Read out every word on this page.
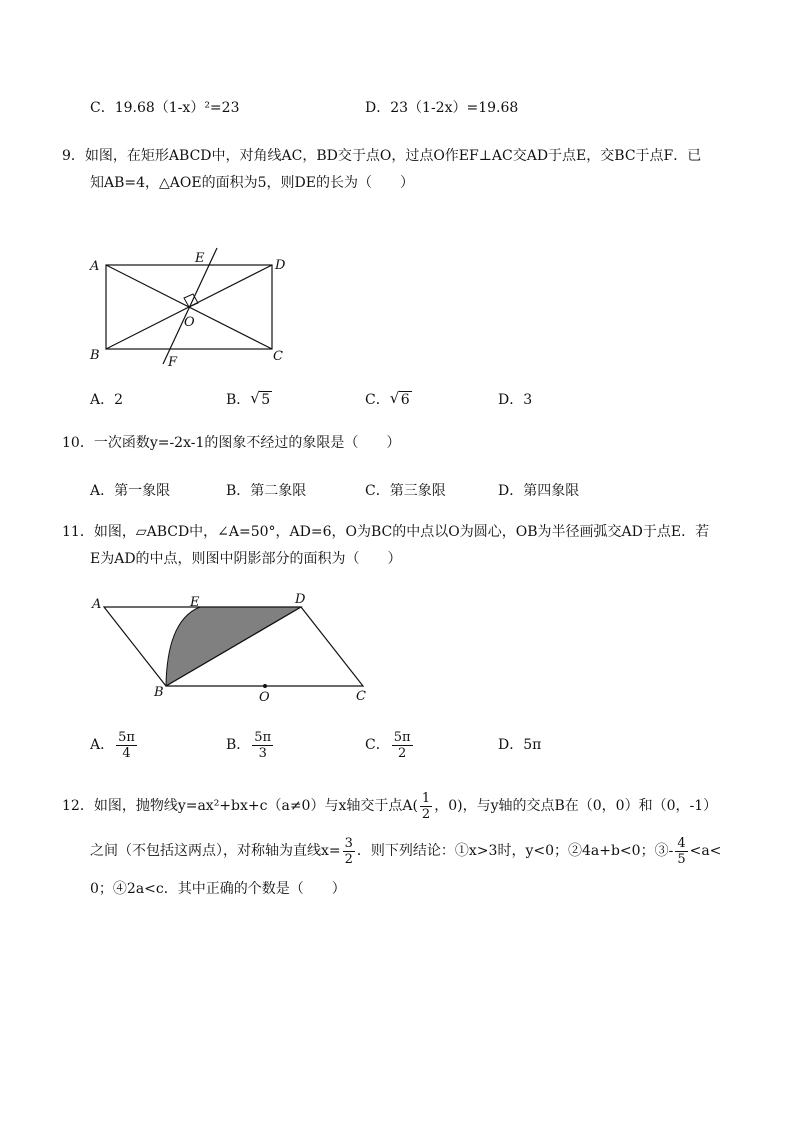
C．19.68（1-x）²=23	D．23（1-2x）=19.68
9．如图，在矩形ABCD中，对角线AC，BD交于点O，过点O作EF⊥AC交AD于点E，交BC于点F．已
知AB=4，△AOE的面积为5，则DE的长为（　　）
A	D
B	C
E
F
O
A．2	B． √ 5	C． √ 6	D．3
10．一次函数y=-2x-1的图象不经过的象限是（　　）
A．第一象限	B．第二象限	C．第三象限	D．第四象限
11．如图，▱ABCD中，∠A=50°，AD=6，O为BC的中点以O为圆心，OB为半径画弧交AD于点E．若
E为AD的中点，则图中阴影部分的面积为（　　）
A	E	D
B	O	C
A． $\frac{5\pi}{4}$	B． $\frac{5\pi}{3}$	C． $\frac{5\pi}{2}$	D．5π
12．如图，抛物线y=ax²+bx+c（a≠0）与x轴交于点$A( \frac{1}{2}$ ，0)，与y轴的交点B在（0，0）和（0，-1）
之间（不包括这两点），对称轴为直线$x= \frac{3}{2}$ ．则下列结论：①x>3时，y<0；②4a+b<0；③- $\frac{4}{5} <a<$
0；④2a<c．其中正确的个数是（　　）
